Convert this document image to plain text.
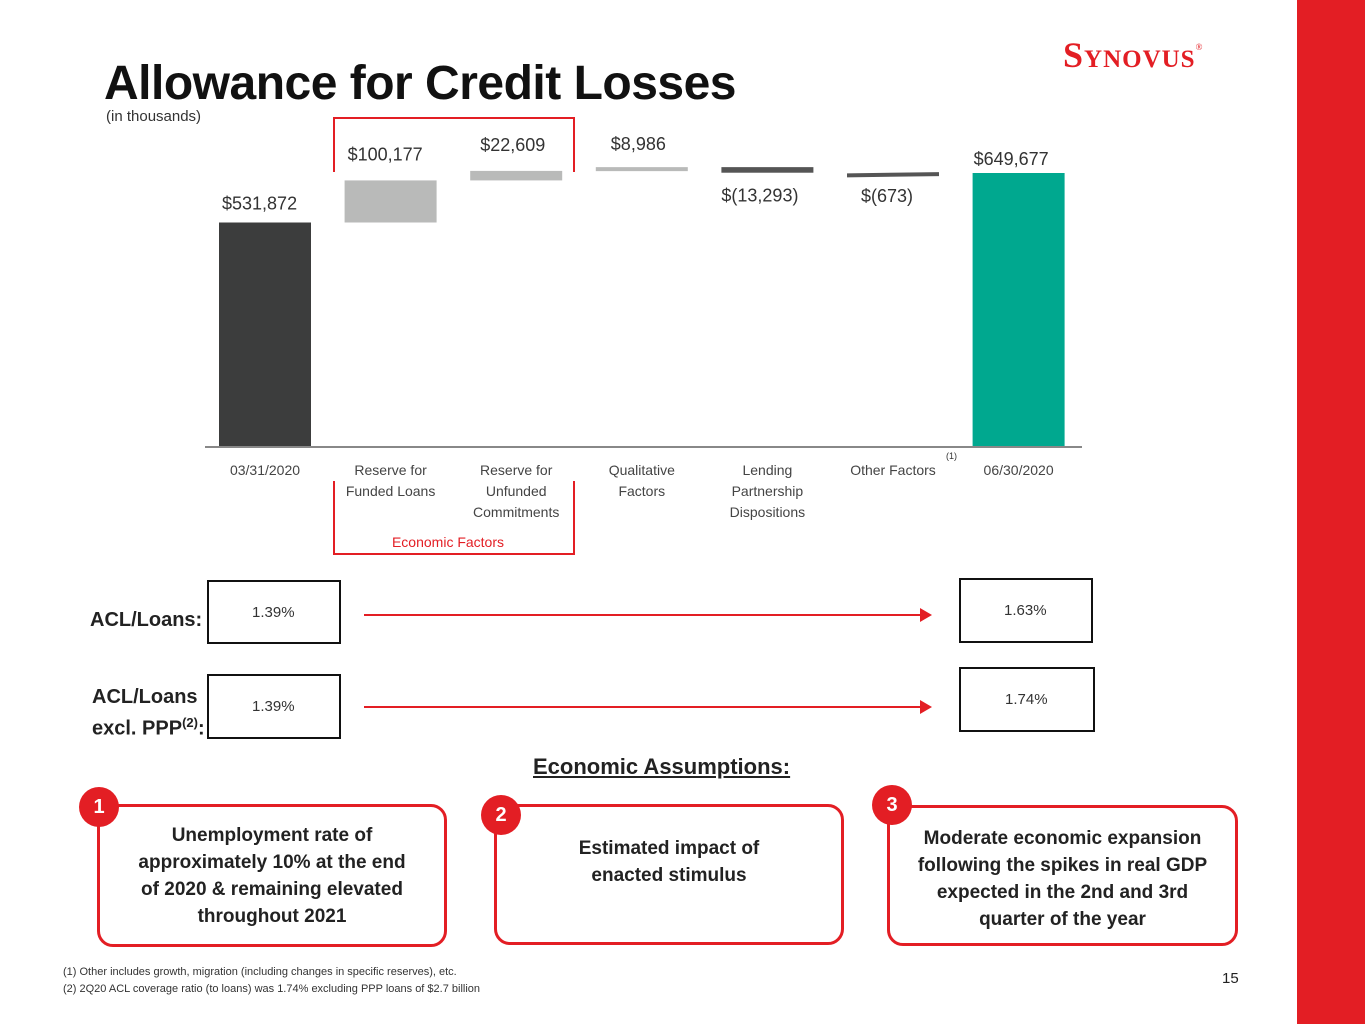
Synovus®
Allowance for Credit Losses
(in thousands)
$531,872
03/31/2020
$100,177
Reserve for
Funded Loans
$22,609
Reserve for
Unfunded
Commitments
$8,986
Qualitative
Factors
$(13,293)
Lending
Partnership
Dispositions
$(673)
Other Factors
$649,677
06/30/2020
(1)
Economic Factors
ACL/Loans:	1.39%	1.63%
ACL/Loans
excl. PPP$^{(2)}$:
1.39%	1.74%
Economic Assumptions:
Unemployment rate of approximately 10% at the end of 2020 & remaining elevated throughout 2021
1
Estimated impact of enacted stimulus
2
Moderate economic expansion following the spikes in real GDP expected in the 2nd and 3rd quarter of the year
3
(1) Other includes growth, migration (including changes in specific reserves), etc.
(2) 2Q20 ACL coverage ratio (to loans) was 1.74% excluding PPP loans of $2.7 billion
15
